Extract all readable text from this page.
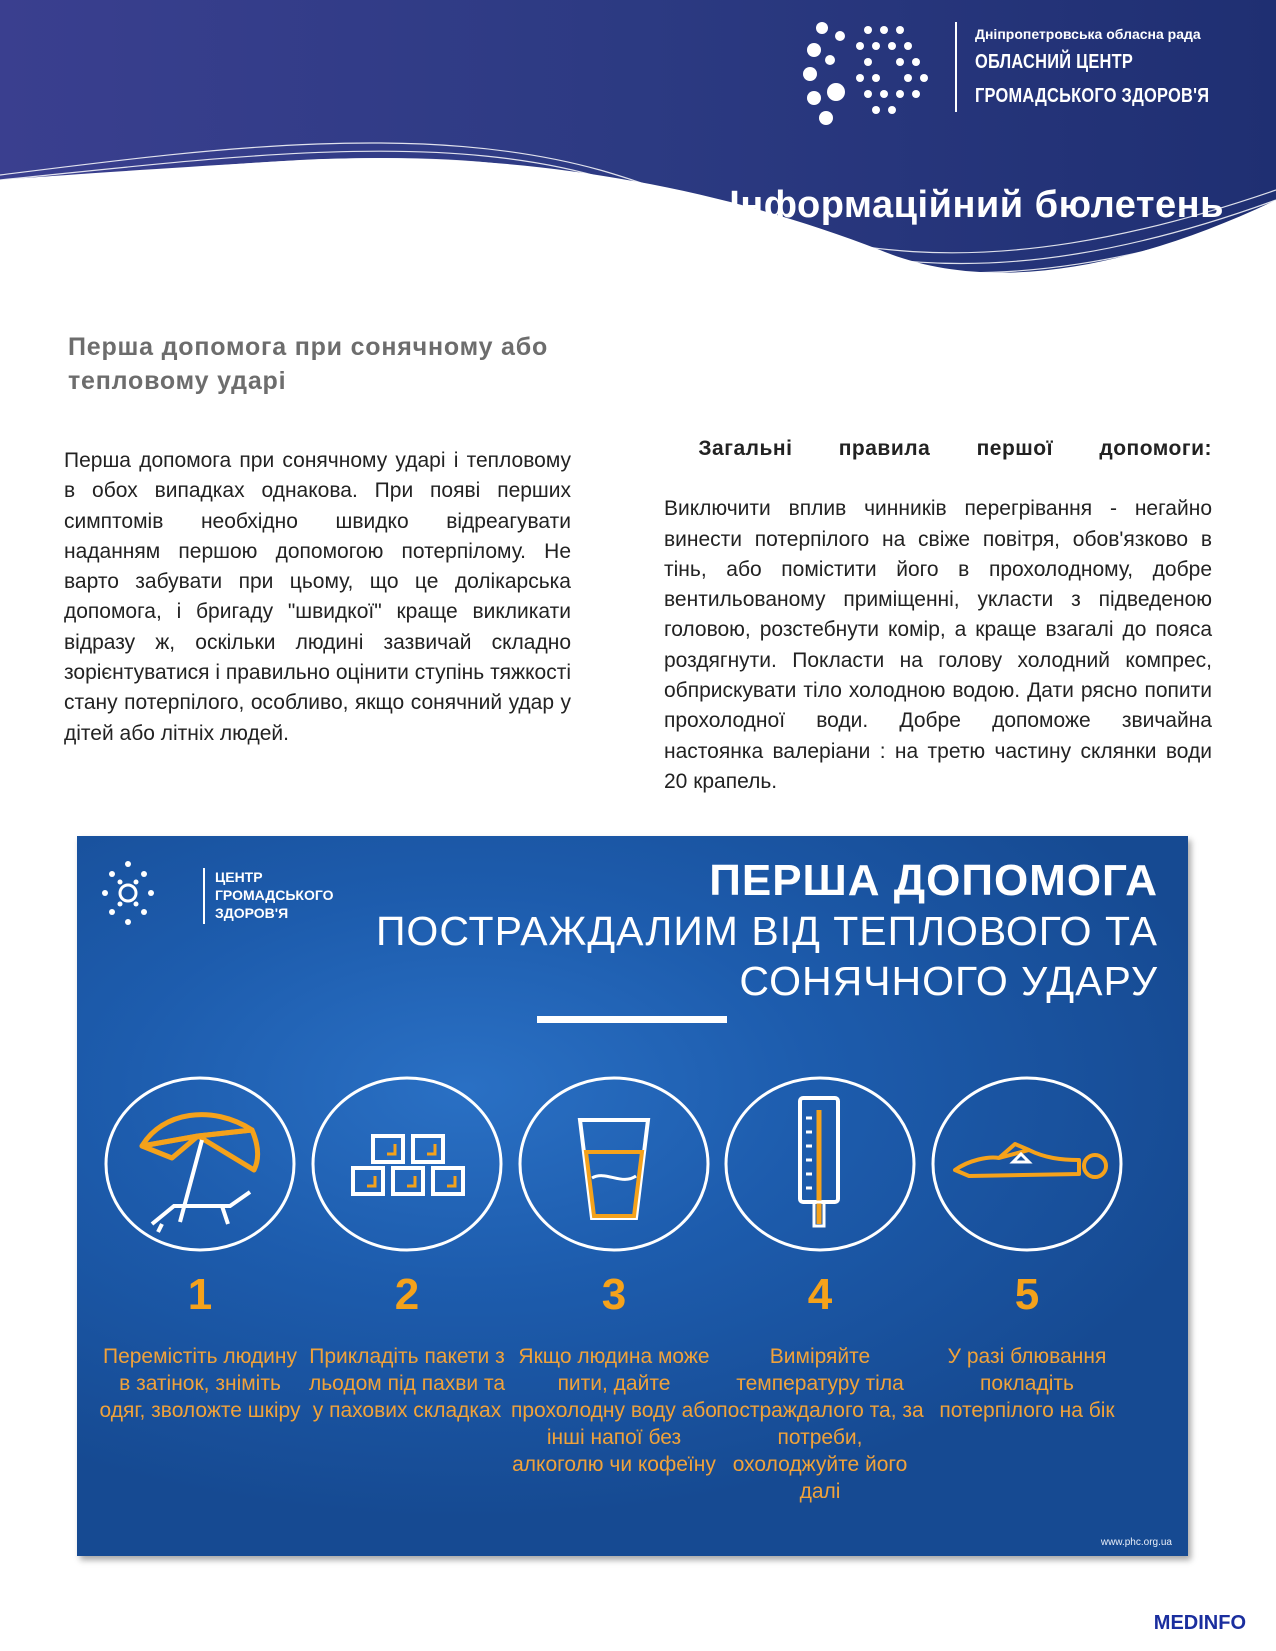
Дніпропетровська обласна рада
ОБЛАСНИЙ ЦЕНТР
ГРОМАДСЬКОГО ЗДОРОВ'Я
Інформаційний бюлетень
Перша допомога при сонячному або тепловому ударі
Перша допомога при сонячному ударі і тепловому в обох випадках однакова. При появі перших симптомів необхідно швидко відреагувати наданням першою допомогою потерпілому. Не варто забувати при цьому, що це долікарська допомога, і бригаду "швидкої" краще викликати відразу ж, оскільки людині зазвичай складно зорієнтуватися і правильно оцінити ступінь тяжкості стану потерпілого, особливо, якщо сонячний удар у дітей або літніх людей.

Загальні правила першої допомоги:

Виключити вплив чинників перегрівання - негайно винести потерпілого на свіже повітря, обов'язково в тінь, або помістити його в прохолодному, добре вентильованому приміщенні, укласти з підведеною головою, розстебнути комір, а краще взагалі до пояса роздягнути. Покласти на голову холодний компрес, обприскувати тіло холодною водою. Дати рясно попити прохолодної води. Добре допоможе звичайна настоянка валеріани : на третю частину склянки води 20 крапель.
ЦЕНТР
ГРОМАДСЬКОГО
ЗДОРОВ'Я
ПЕРША ДОПОМОГА
ПОСТРАЖДАЛИМ ВІД ТЕПЛОВОГО ТА СОНЯЧНОГО УДАРУ
1
Перемістіть людину в затінок, зніміть одяг, зволожте шкіру
2
Прикладіть пакети з льодом під пахви та у пахових складках
3
Якщо людина може пити, дайте прохолодну воду або інші напої без алкоголю чи кофеїну
4
Виміряйте температуру тіла постраждалого та, за потреби, охолоджуйте його далі
5
У разі блювання покладіть потерпілого на бік
www.phc.org.ua
MEDINFO
